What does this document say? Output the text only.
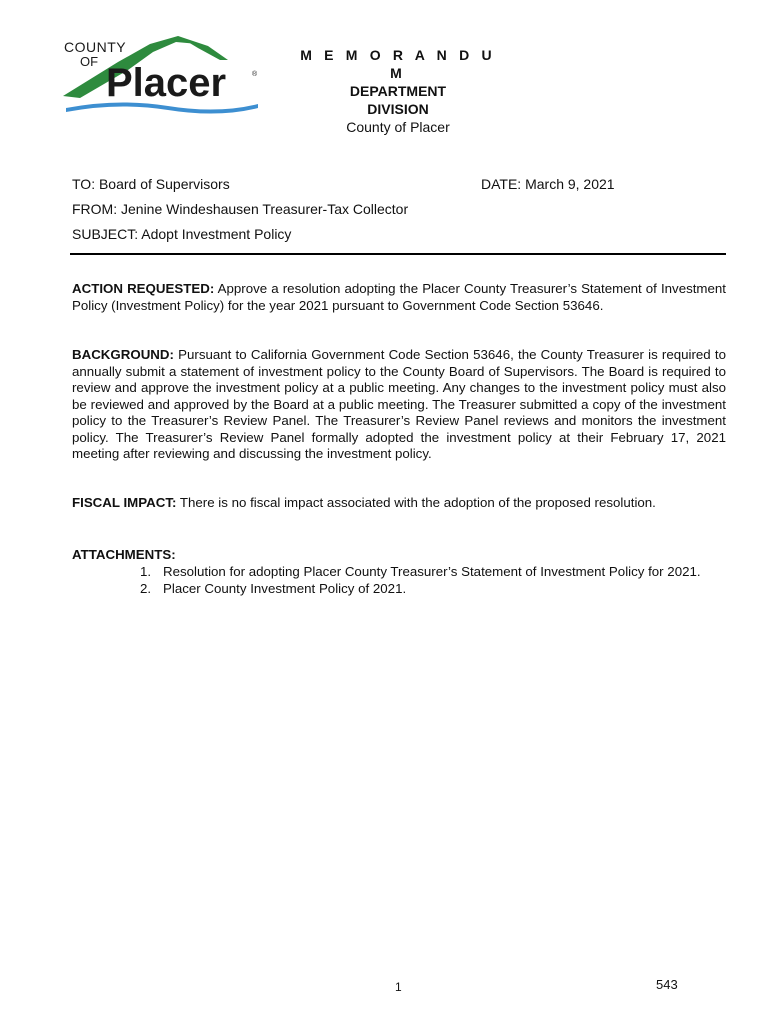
COUNTY
OF Placer	®
M E M O R A N D U M
DEPARTMENT
DIVISION
County of Placer
TO: Board of Supervisors	DATE: March 9, 2021
FROM: Jenine Windeshausen Treasurer-Tax Collector
SUBJECT: Adopt Investment Policy
ACTION REQUESTED: Approve a resolution adopting the Placer County Treasurer’s Statement of Investment Policy (Investment Policy) for the year 2021 pursuant to Government Code Section 53646.
BACKGROUND: Pursuant to California Government Code Section 53646, the County Treasurer is required to annually submit a statement of investment policy to the County Board of Supervisors. The Board is required to review and approve the investment policy at a public meeting. Any changes to the investment policy must also be reviewed and approved by the Board at a public meeting. The Treasurer submitted a copy of the investment policy to the Treasurer’s Review Panel. The Treasurer’s Review Panel reviews and monitors the investment policy. The Treasurer’s Review Panel formally adopted the investment policy at their February 17, 2021 meeting after reviewing and discussing the investment policy.
FISCAL IMPACT: There is no fiscal impact associated with the adoption of the proposed resolution.
ATTACHMENTS:
1. Resolution for adopting Placer County Treasurer’s Statement of Investment Policy for 2021.
2. Placer County Investment Policy of 2021.
1	543
